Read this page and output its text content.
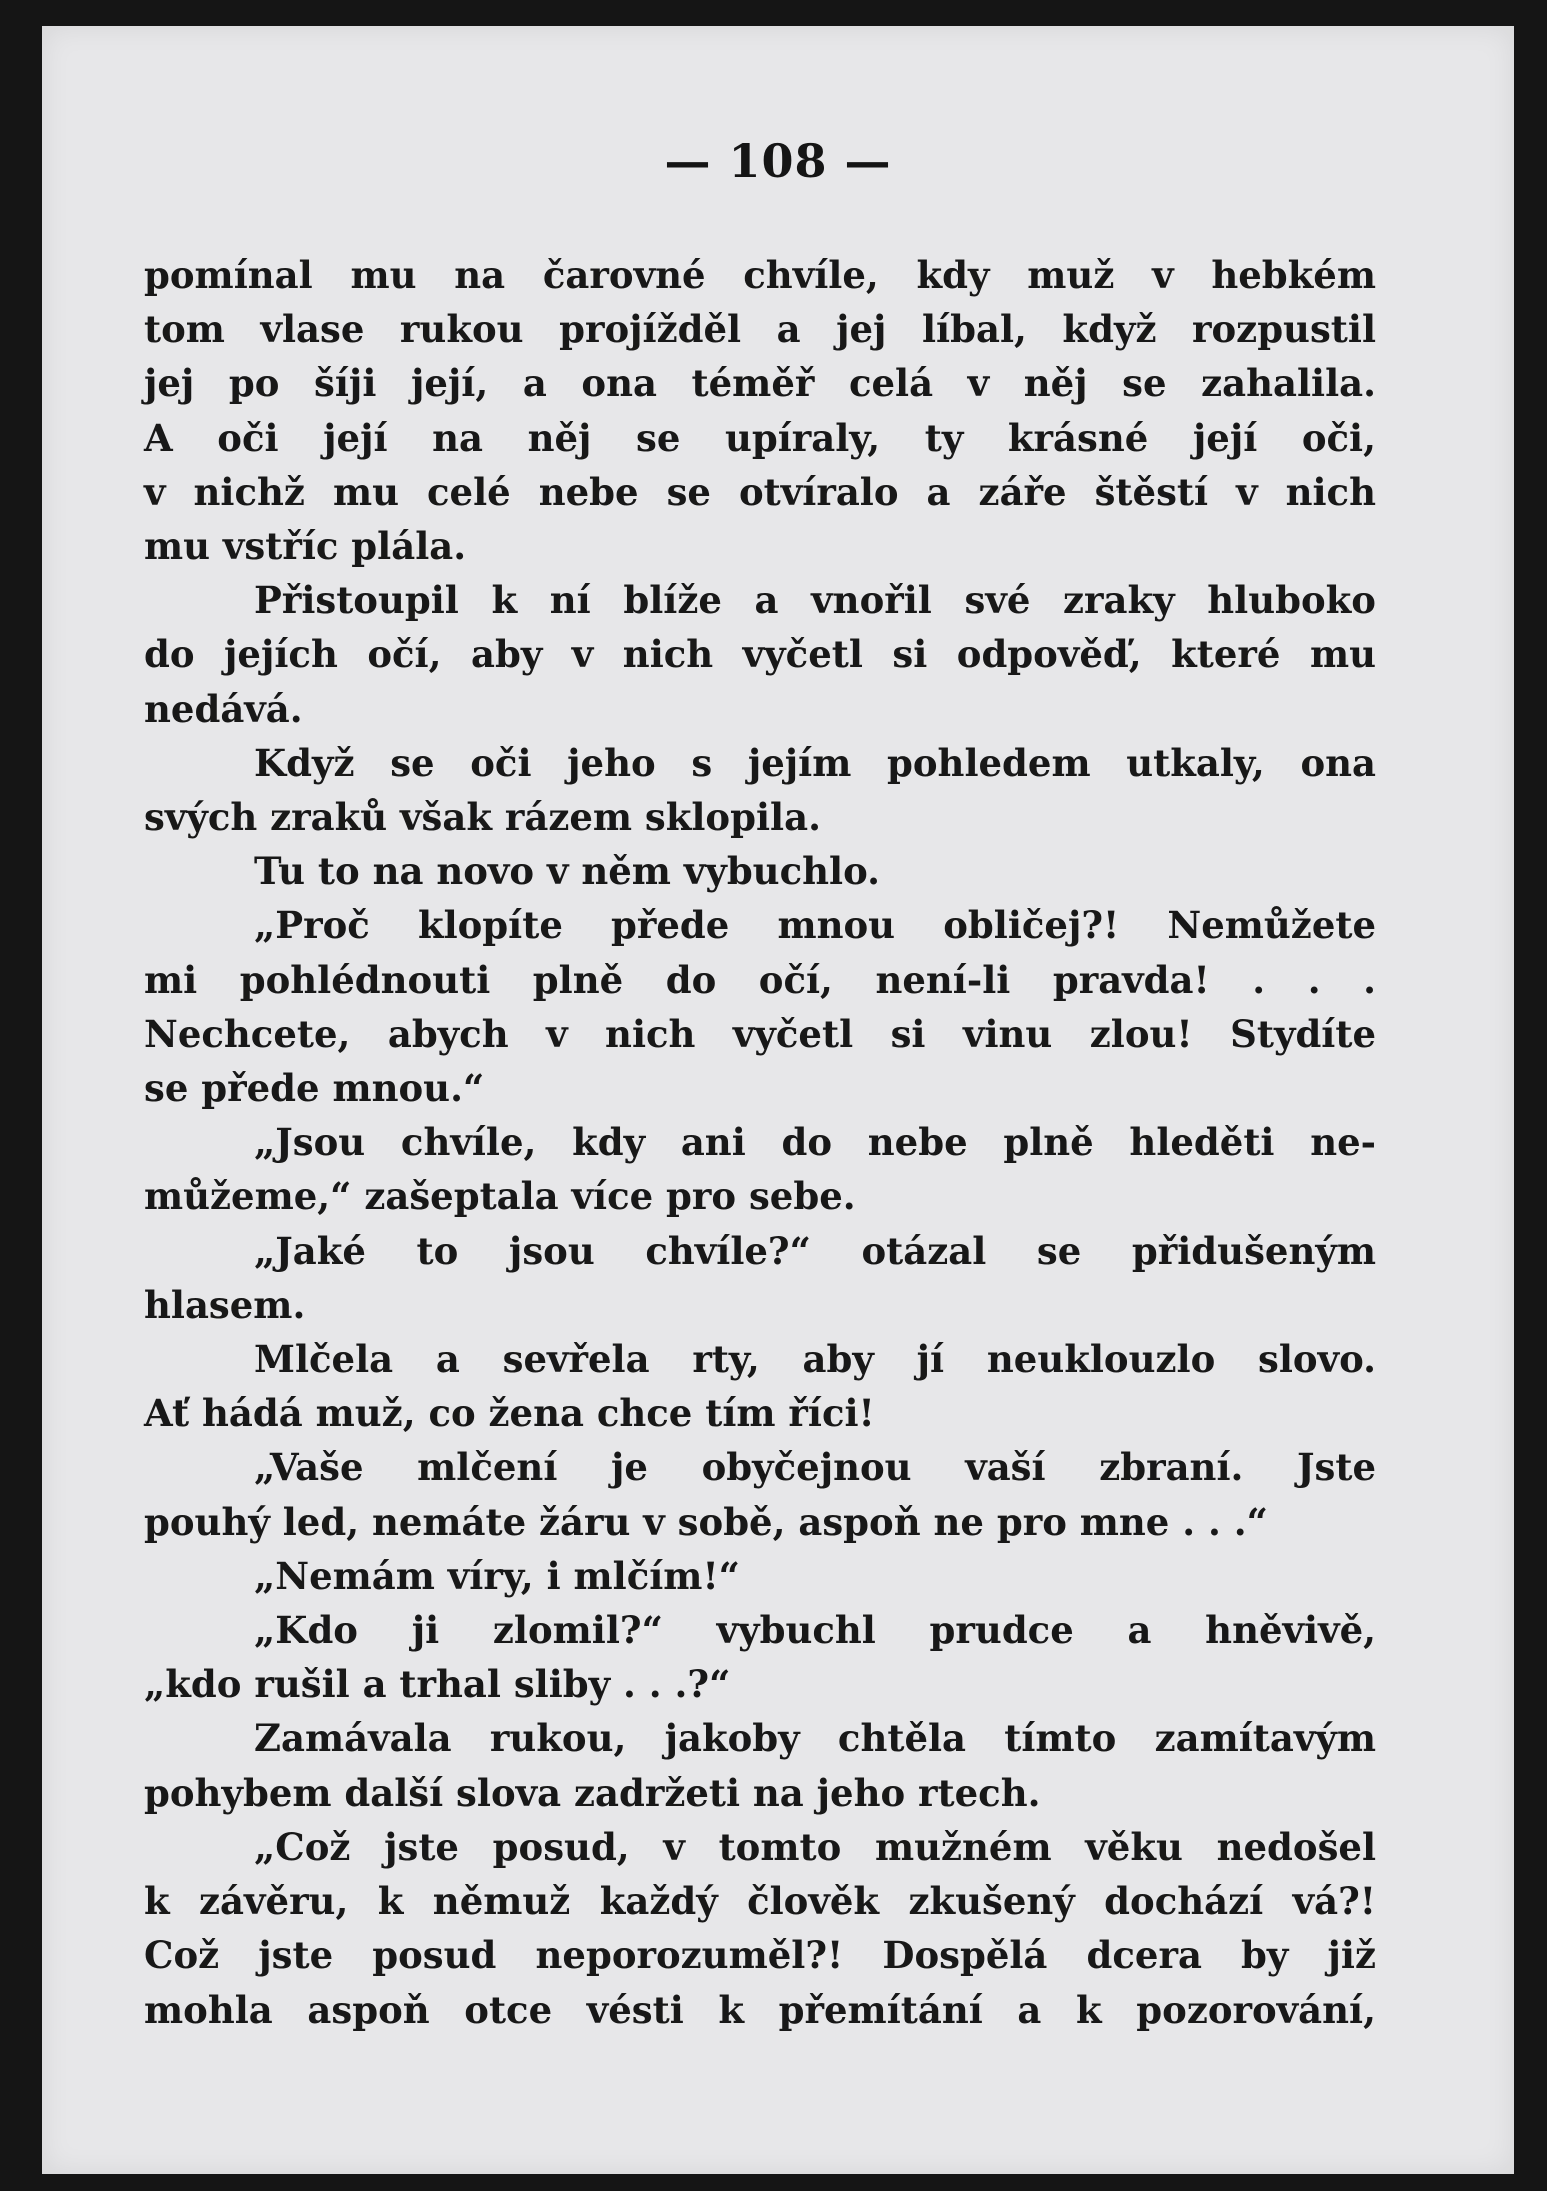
— 108 —
pomínal mu na čarovné chvíle, kdy muž v hebkém
tom vlase rukou projížděl a jej líbal, když rozpustil
jej po šíji její, a ona téměř celá v něj se zahalila.
A oči její na něj se upíraly, ty krásné její oči,
v nichž mu celé nebe se otvíralo a záře štěstí v nich
mu vstříc plála.
Přistoupil k ní blíže a vnořil své zraky hluboko
do jejích očí, aby v nich vyčetl si odpověď, které mu
nedává.
Když se oči jeho s jejím pohledem utkaly, ona
svých zraků však rázem sklopila.
Tu to na novo v něm vybuchlo.
„Proč klopíte přede mnou obličej?! Nemůžete
mi pohlédnouti plně do očí, není-li pravda! . . .
Nechcete, abych v nich vyčetl si vinu zlou! Stydíte
se přede mnou.“
„Jsou chvíle, kdy ani do nebe plně hleděti ne-
můžeme,“ zašeptala více pro sebe.
„Jaké to jsou chvíle?“ otázal se přidušeným
hlasem.
Mlčela a sevřela rty, aby jí neuklouzlo slovo.
Ať hádá muž, co žena chce tím říci!
„Vaše mlčení je obyčejnou vaší zbraní. Jste
pouhý led, nemáte žáru v sobě, aspoň ne pro mne . . .“
„Nemám víry, i mlčím!“
„Kdo ji zlomil?“ vybuchl prudce a hněvivě,
„kdo rušil a trhal sliby . . .?“
Zamávala rukou, jakoby chtěla tímto zamítavým
pohybem další slova zadržeti na jeho rtech.
„Což jste posud, v tomto mužném věku nedošel
k závěru, k němuž každý člověk zkušený dochází vá?!
Což jste posud neporozuměl?! Dospělá dcera by již
mohla aspoň otce vésti k přemítání a k pozorování,
